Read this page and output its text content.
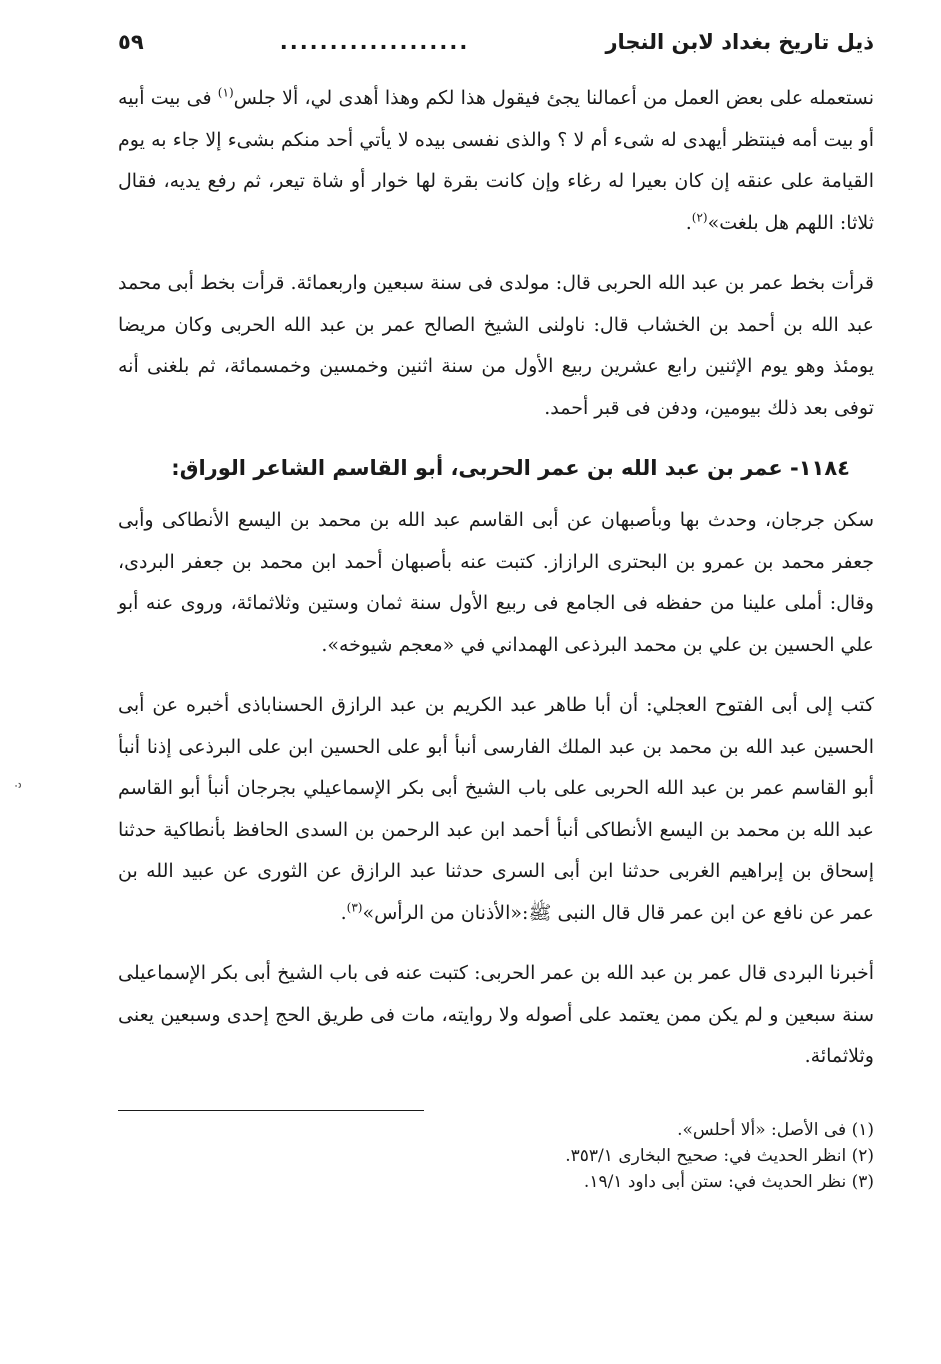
ذيل تاريخ بغداد لابن النجار
...................
٥٩

نستعمله على بعض العمل من أعمالنا يجئ فيقول هذا لكم وهذا أهدى لي، ألا جلس$^{(١)}$ فى بيت أبيه أو بيت أمه فينتظر أيهدى له شىء أم لا ؟ والذى نفسى بيده لا يأتي أحد منكم بشىء إلا جاء به يوم القيامة على عنقه إن كان بعيرا له رغاء وإن كانت بقرة لها خوار أو شاة تيعر، ثم رفع يديه، فقال ثلاثا: اللهم هل بلغت»$^{(٢)}$.

قرأت بخط عمر بن عبد الله الحربى قال: مولدى فى سنة سبعين واربعمائة. قرأت بخط أبى محمد عبد الله بن أحمد بن الخشاب قال: ناولنى الشيخ الصالح عمر بن عبد الله الحربى وكان مريضا يومئذ وهو يوم الإثنين رابع عشرين ربيع الأول من سنة اثنين وخمسين وخمسمائة، ثم بلغنى أنه توفى بعد ذلك بيومين، ودفن فى قبر أحمد.

١١٨٤- عمر بن عبد الله بن عمر الحربى، أبو القاسم الشاعر الوراق:

سكن جرجان، وحدث بها وبأصبهان عن أبى القاسم عبد الله بن محمد بن اليسع الأنطاكى وأبى جعفر محمد بن عمرو بن البحترى الرازاز. كتبت عنه بأصبهان أحمد ابن محمد بن جعفر البردى، وقال: أملى علينا من حفظه فى الجامع فى ربيع الأول سنة ثمان وستين وثلاثمائة، وروى عنه أبو علي الحسين بن علي بن محمد البرذعى الهمداني في «معجم شيوخه».

كتب إلى أبى الفتوح العجلي: أن أبا طاهر عبد الكريم بن عبد الرازق الحسناباذى أخبره عن أبى الحسين عبد الله بن محمد بن عبد الملك الفارسى أنبأ أبو على الحسين ابن على البرذعى إذنا أنبأ أبو القاسم عمر بن عبد الله الحربى على باب الشيخ أبى بكر الإسماعيلي بجرجان أنبأ أبو القاسم عبد الله بن محمد بن اليسع الأنطاكى أنبأ أحمد ابن عبد الرحمن بن السدى الحافظ بأنطاكية حدثنا إسحاق بن إبراهيم الغربى حدثنا ابن أبى السرى حدثنا عبد الرازق عن الثورى عن عبيد الله بن عمر عن نافع عن ابن عمر قال قال النبى ﷺ:«الأذنان من الرأس»$^{(٣)}$.

أخبرنا البردى قال عمر بن عبد الله بن عمر الحربى: كتبت عنه فى باب الشيخ أبى بكر الإسماعيلى سنة سبعين و لم يكن ممن يعتمد على أصوله ولا روايته، مات فى طريق الحج إحدى وسبعين يعنى وثلاثمائة.

(١) فى الأصل: «ألا أحلس».
(٢) انظر الحديث في: صحيح البخارى ٣٥٣/١.
(٣) نظر الحديث في: ستن أبى داود ١٩/١.
ᐧ᠈
